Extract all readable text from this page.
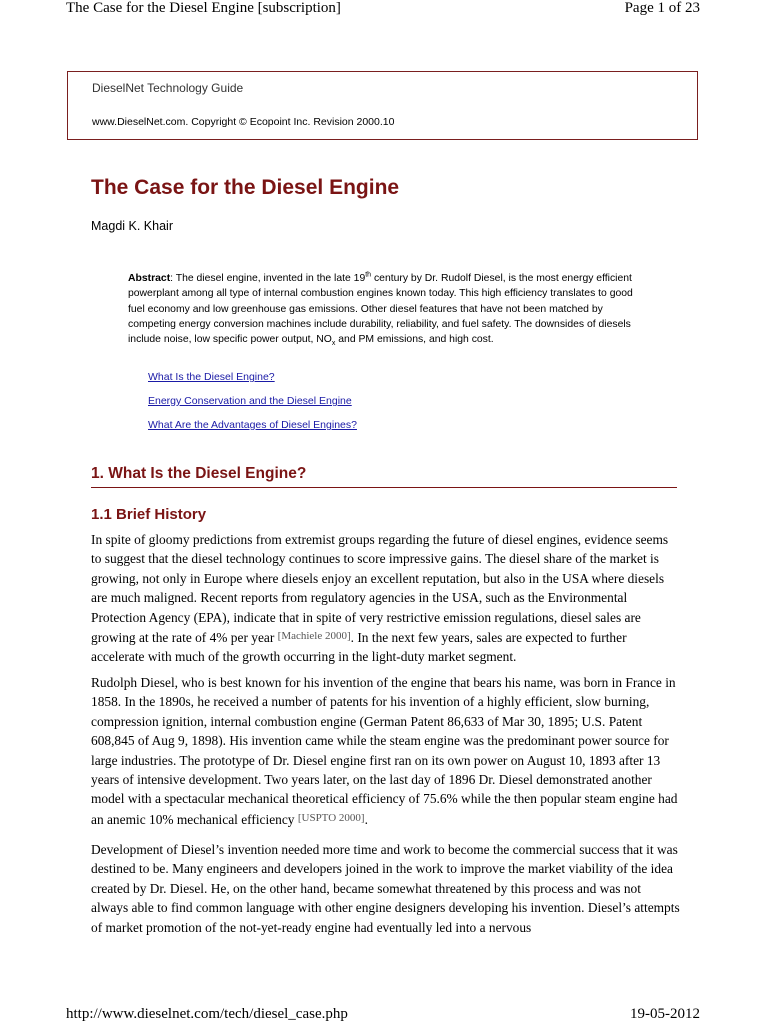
The Case for the Diesel Engine [subscription]	Page 1 of 23
DieselNet Technology Guide
www.DieselNet.com. Copyright © Ecopoint Inc. Revision 2000.10
The Case for the Diesel Engine
Magdi K. Khair

Abstract: The diesel engine, invented in the late 19th century by Dr. Rudolf Diesel, is the most energy efficient powerplant among all type of internal combustion engines known today. This high efficiency translates to good fuel economy and low greenhouse gas emissions. Other diesel features that have not been matched by competing energy conversion machines include durability, reliability, and fuel safety. The downsides of diesels include noise, low specific power output, $NO_x$ and PM emissions, and high cost.

What Is the Diesel Engine?
Energy Conservation and the Diesel Engine
What Are the Advantages of Diesel Engines?
1. What Is the Diesel Engine?
1.1 Brief History

In spite of gloomy predictions from extremist groups regarding the future of diesel engines, evidence seems to suggest that the diesel technology continues to score impressive gains. The diesel share of the market is growing, not only in Europe where diesels enjoy an excellent reputation, but also in the USA where diesels are much maligned. Recent reports from regulatory agencies in the USA, such as the Environmental Protection Agency (EPA), indicate that in spite of very restrictive emission regulations, diesel sales are growing at the rate of 4% per year [Machiele 2000]. In the next few years, sales are expected to further accelerate with much of the growth occurring in the light-duty market segment.

Rudolph Diesel, who is best known for his invention of the engine that bears his name, was born in France in 1858. In the 1890s, he received a number of patents for his invention of a highly efficient, slow burning, compression ignition, internal combustion engine (German Patent 86,633 of Mar 30, 1895; U.S. Patent 608,845 of Aug 9, 1898). His invention came while the steam engine was the predominant power source for large industries. The prototype of Dr. Diesel engine first ran on its own power on August 10, 1893 after 13 years of intensive development. Two years later, on the last day of 1896 Dr. Diesel demonstrated another model with a spectacular mechanical theoretical efficiency of 75.6% while the then popular steam engine had an anemic 10% mechanical efficiency [USPTO 2000].

Development of Diesel’s invention needed more time and work to become the commercial success that it was destined to be. Many engineers and developers joined in the work to improve the market viability of the idea created by Dr. Diesel. He, on the other hand, became somewhat threatened by this process and was not always able to find common language with other engine designers developing his invention. Diesel’s attempts of market promotion of the not-yet-ready engine had eventually led into a nervous

http://www.dieselnet.com/tech/diesel_case.php	19-05-2012
